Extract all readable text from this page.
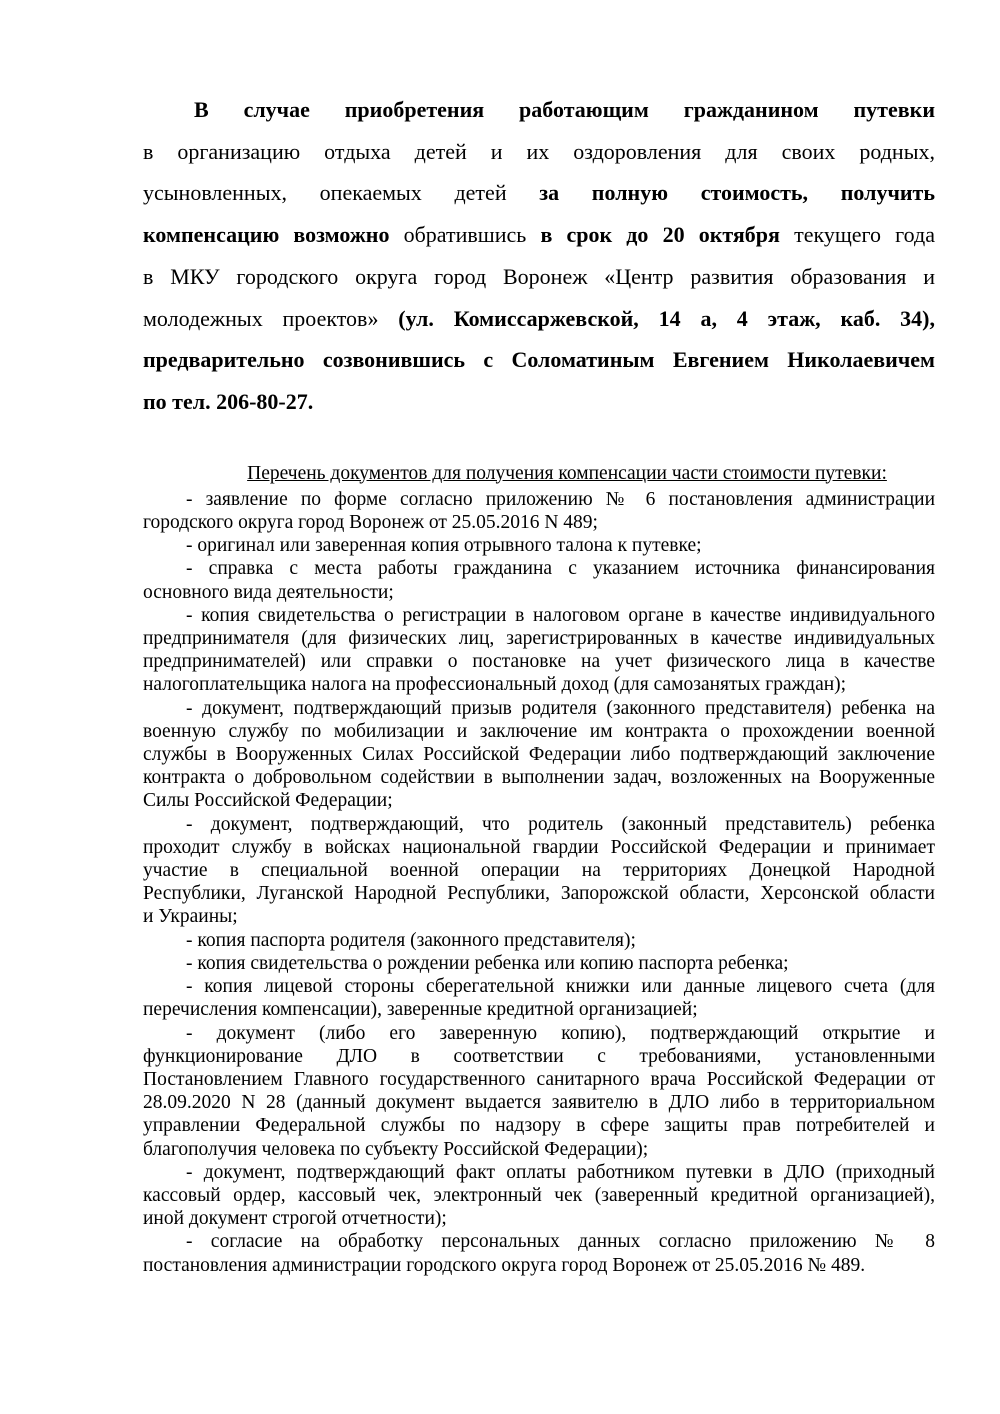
В случае приобретения работающим гражданином путевки
в организацию отдыха детей и их оздоровления для своих родных,
усыновленных, опекаемых детей за полную стоимость, получить
компенсацию возможно обратившись в срок до 20 октября текущего года
в МКУ городского округа город Воронеж «Центр развития образования и
молодежных проектов» (ул. Комиссаржевской, 14 а, 4 этаж, каб. 34),
предварительно созвонившись с Соломатиным Евгением Николаевичем
по тел. 206-80-27.
Перечень документов для получения компенсации части стоимости путевки:
- заявление по форме согласно приложению № 6 постановления администрации
городского округа город Воронеж от 25.05.2016 N 489;
- оригинал или заверенная копия отрывного талона к путевке;
- справка с места работы гражданина с указанием источника финансирования
основного вида деятельности;
- копия свидетельства о регистрации в налоговом органе в качестве индивидуального
предпринимателя (для физических лиц, зарегистрированных в качестве индивидуальных
предпринимателей) или справки о постановке на учет физического лица в качестве
налогоплательщика налога на профессиональный доход (для самозанятых граждан);
- документ, подтверждающий призыв родителя (законного представителя) ребенка на
военную службу по мобилизации и заключение им контракта о прохождении военной
службы в Вооруженных Силах Российской Федерации либо подтверждающий заключение
контракта о добровольном содействии в выполнении задач, возложенных на Вооруженные
Силы Российской Федерации;
- документ, подтверждающий, что родитель (законный представитель) ребенка
проходит службу в войсках национальной гвардии Российской Федерации и принимает
участие в специальной военной операции на территориях Донецкой Народной
Республики, Луганской Народной Республики, Запорожской области, Херсонской области
и Украины;
- копия паспорта родителя (законного представителя);
- копия свидетельства о рождении ребенка или копию паспорта ребенка;
- копия лицевой стороны сберегательной книжки или данные лицевого счета (для
перечисления компенсации), заверенные кредитной организацией;
- документ (либо его заверенную копию), подтверждающий открытие и
функционирование ДЛО в соответствии с требованиями, установленными
Постановлением Главного государственного санитарного врача Российской Федерации от
28.09.2020 N 28 (данный документ выдается заявителю в ДЛО либо в территориальном
управлении Федеральной службы по надзору в сфере защиты прав потребителей и
благополучия человека по субъекту Российской Федерации);
- документ, подтверждающий факт оплаты работником путевки в ДЛО (приходный
кассовый ордер, кассовый чек, электронный чек (заверенный кредитной организацией),
иной документ строгой отчетности);
- согласие на обработку персональных данных согласно приложению № 8
постановления администрации городского округа город Воронеж от 25.05.2016 № 489.
